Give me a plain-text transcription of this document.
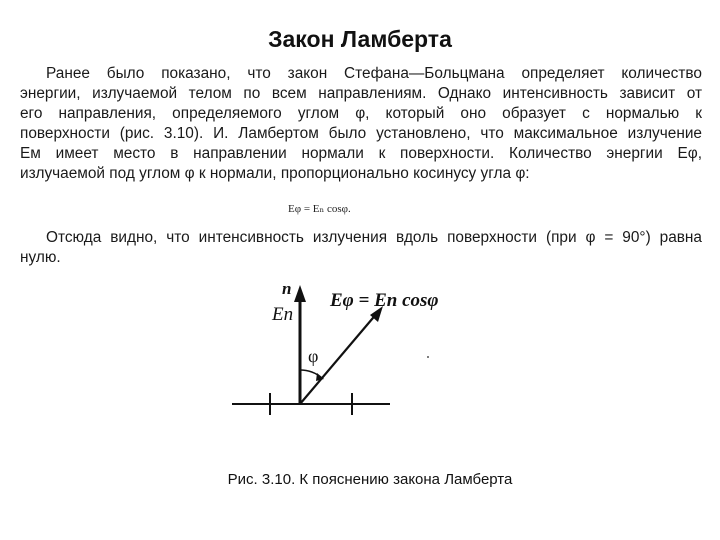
Закон Ламберта
Ранее было показано, что закон Стефана—Больцмана определяет количество
энергии, излучаемой телом по всем направлениям. Однако интенсивность зависит от
его направления, определяемого углом φ, который оно образует с нормалью к
поверхности (рис. 3.10). И. Ламбертом было установлено, что максимальное излучение
Eм имеет место в направлении нормали к поверхности. Количество энергии Eφ,
излучаемой под углом φ к нормали, пропорционально косинусу угла φ:
Eφ = Eₙ cosφ.
Отсюда видно, что интенсивность излучения вдоль поверхности (при φ = 90°) равна
нулю.
n
En
φ
Eφ = En cosφ
Рис. 3.10. К пояснению закона Ламберта
